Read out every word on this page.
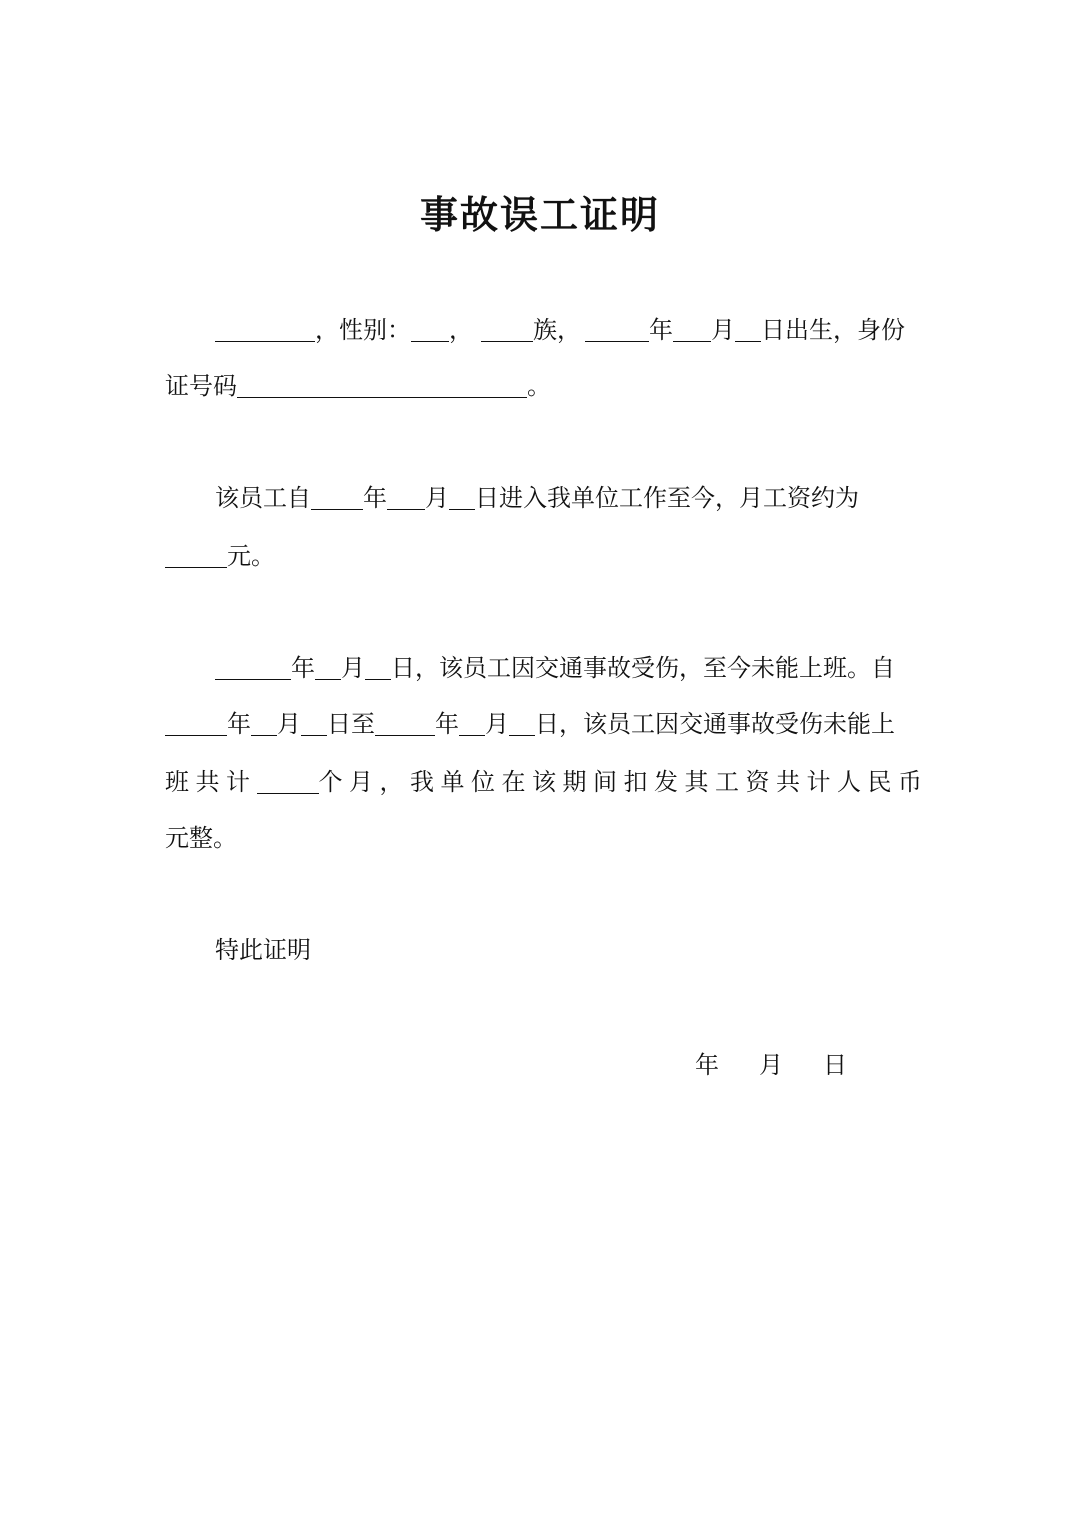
事故误工证明
，性别： ，	族，	年 月 日出生，身份
证号码	。
该员工自 年 月 日进入我单位工作至今，月工资约为
元。
年 月 日，该员工因交通事故受伤，至今未能上班。自
年 月 日至	年 月 日，该员工因交通事故受伤未能上
班共计	个月，我单位在该期间扣发其工资共计人民币
元整。
特此证明
年 月 日
